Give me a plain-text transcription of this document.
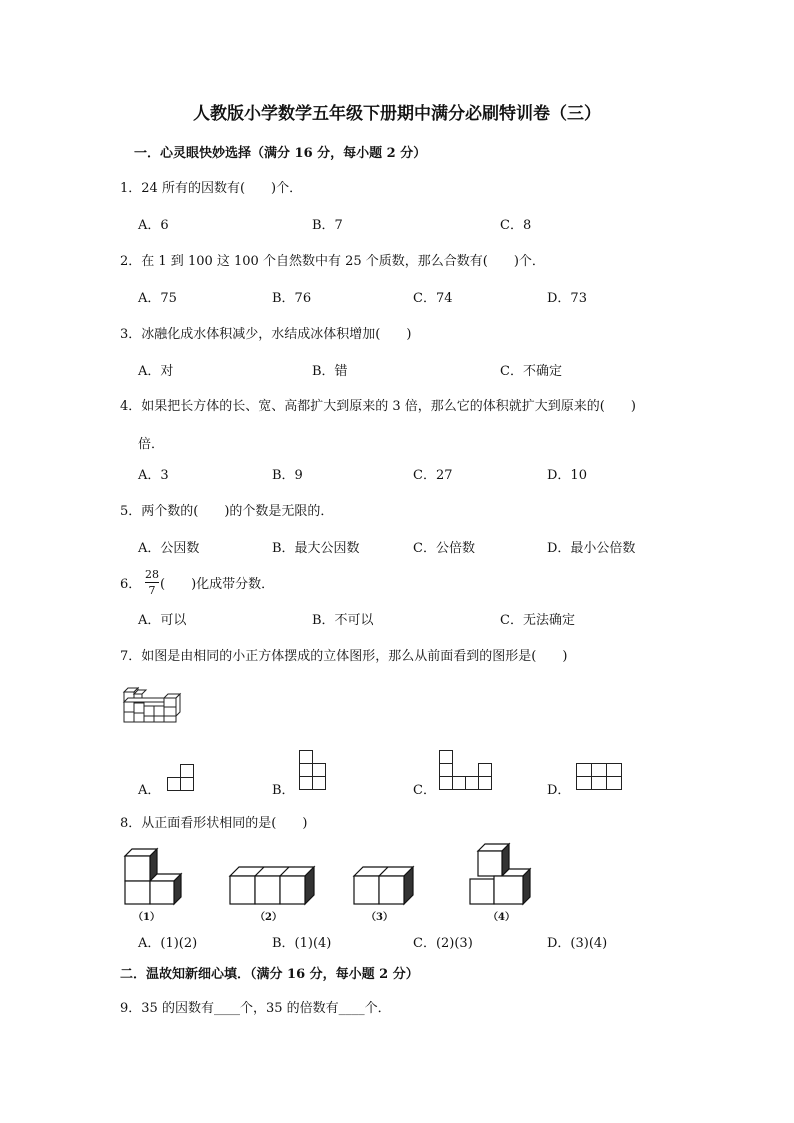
人教版小学数学五年级下册期中满分必刷特训卷（三）
一．心灵眼快妙选择（满分 16 分，每小题 2 分）
1．24 所有的因数有(　　)个．
A．6	B．7	C．8
2．在 1 到 100 这 100 个自然数中有 25 个质数，那么合数有(　　)个．
A．75	B．76	C．74	D．73
3．冰融化成水体积减少，水结成冰体积增加(　　)
A．对	B．错	C．不确定
4．如果把长方体的长、宽、高都扩大到原来的 3 倍，那么它的体积就扩大到原来的(　　)
倍．
A．3	B．9	C．27	D．10
5．两个数的(　　)的个数是无限的．
A．公因数	B．最大公因数	C．公倍数	D．最小公倍数
6．
28
7 (　　)化成带分数．
A．可以	B．不可以	C．无法确定
7．如图是由相同的小正方体摆成的立体图形，那么从前面看到的图形是(　　)
A．	B．	C．	D．
8．从正面看形状相同的是(　　)
（1）	（2）	（3）	（4）
A．(1)(2)	B．(1)(4)	C．(2)(3)	D．(3)(4)
二．温故知新细心填．（满分 16 分，每小题 2 分）
9．35 的因数有____个，35 的倍数有____个．
